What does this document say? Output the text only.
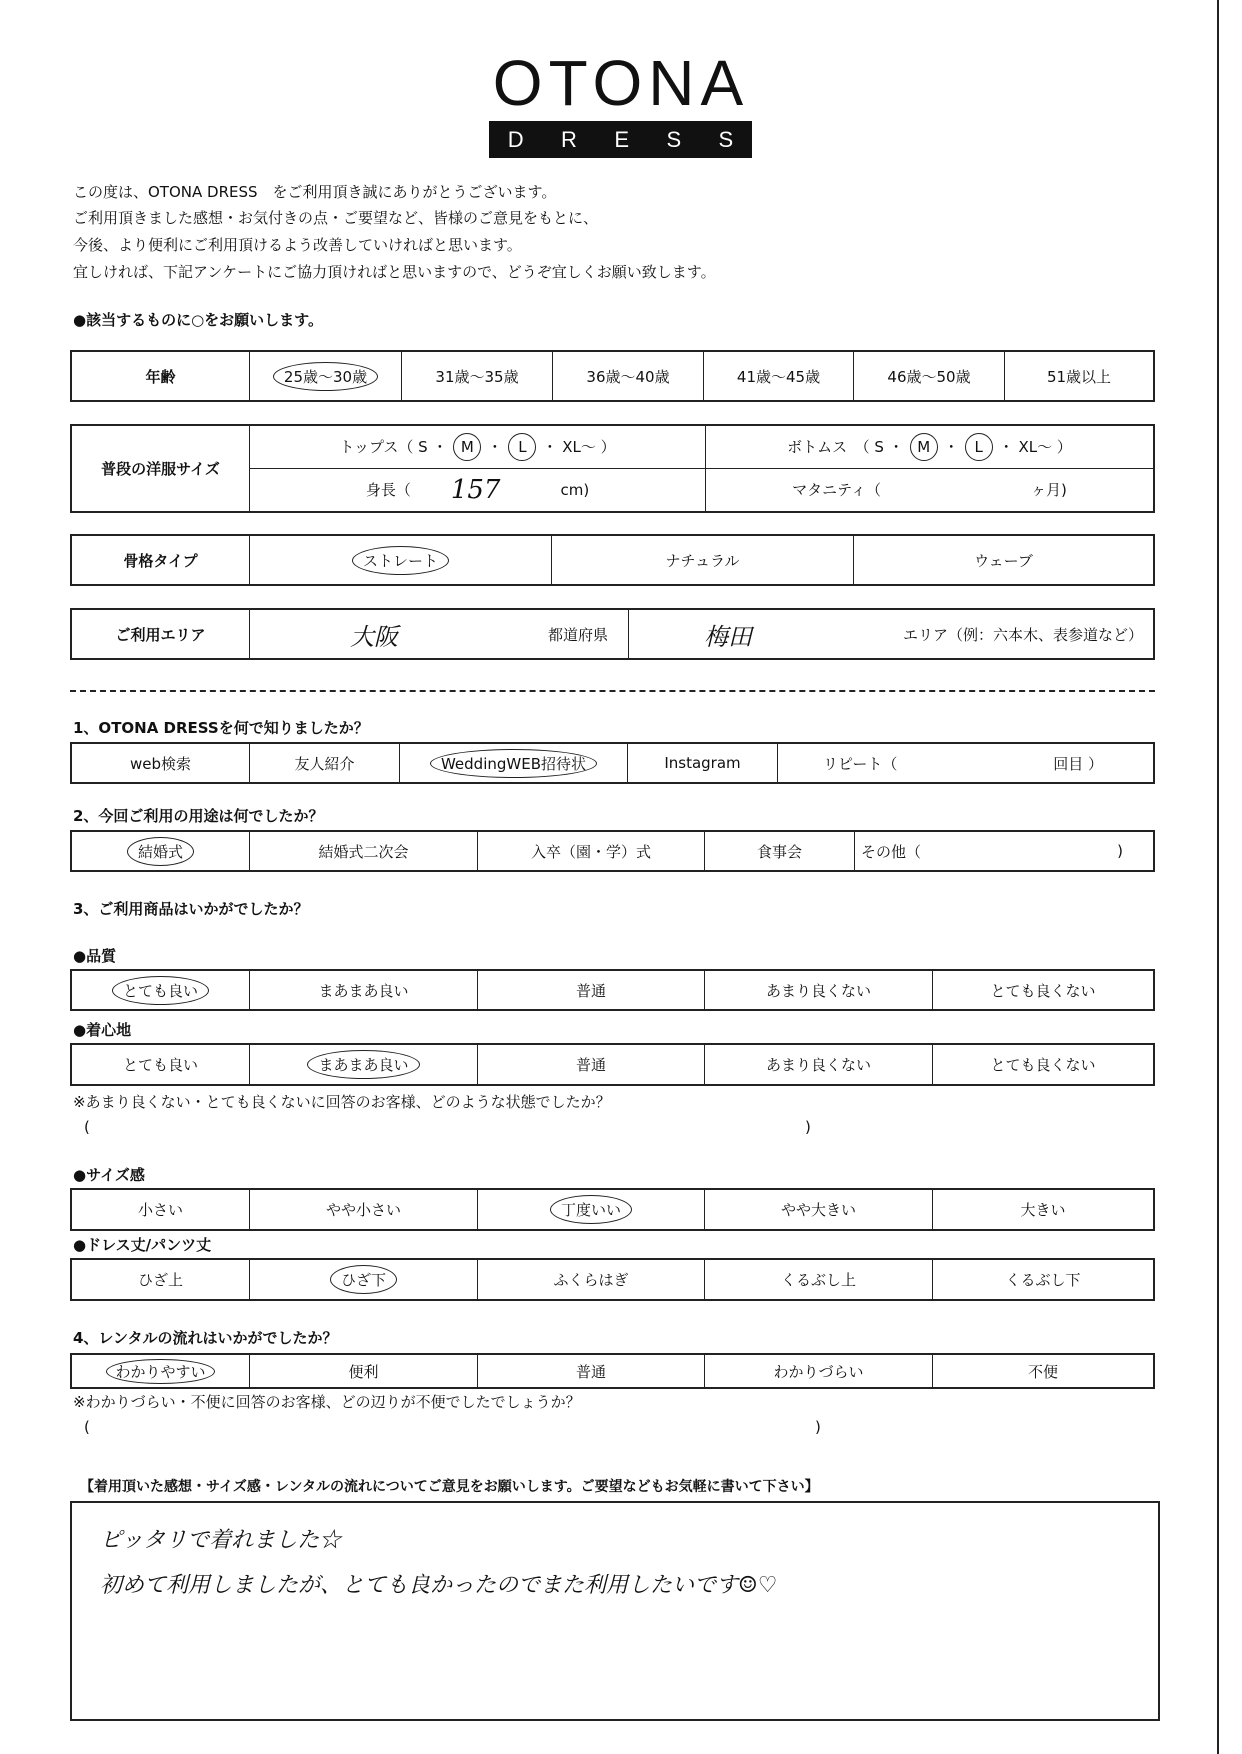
OTONA
D R E S S
この度は、OTONA DRESS　をご利用頂き誠にありがとうございます。
ご利用頂きました感想・お気付きの点・ご要望など、皆様のご意見をもとに、
今後、より便利にご利用頂けるよう改善していければと思います。
宜しければ、下記アンケートにご協力頂ければと思いますので、どうぞ宜しくお願い致します。
●該当するものに○をお願いします。
年齢	25歳〜30歳	31歳〜35歳	36歳〜40歳	41歳〜45歳	46歳〜50歳	51歳以上
普段の洋服サイズ
トップス（ S ・ M ・	L	・ XL〜 ）	ボトムス　（ S ・ M ・	L	・ XL〜 ）
身長（ 157	cm)	マタニティ（	ヶ月)
骨格タイプ	ストレート	ナチュラル	ウェーブ
ご利用エリア	大阪	都道府県	梅田	エリア（例：六本木、表参道など）
1、OTONA DRESSを何で知りましたか？
web検索	友人紹介	WeddingWEB招待状	Instagram	リピート（	回目 ）
2、今回ご利用の用途は何でしたか？
結婚式	結婚式二次会	入卒（園・学）式	食事会	その他（	)
3、ご利用商品はいかがでしたか？
●品質
とても良い	まあまあ良い	普通	あまり良くない	とても良くない
●着心地
とても良い	まあまあ良い	普通	あまり良くない	とても良くない
※あまり良くない・とても良くないに回答のお客様、どのような状態でしたか？
(	)
●サイズ感
小さい	やや小さい	丁度いい	やや大きい	大きい
●ドレス丈/パンツ丈
ひざ上	ひざ下	ふくらはぎ	くるぶし上	くるぶし下
4、レンタルの流れはいかがでしたか？
わかりやすい	便利	普通	わかりづらい	不便
※わかりづらい・不便に回答のお客様、どの辺りが不便でしたでしょうか？
(	)
【着用頂いた感想・サイズ感・レンタルの流れについてご意見をお願いします。ご要望などもお気軽に書いて下さい】
ピッタリで着れました☆
初めて利用しましたが、とても良かったのでまた利用したいです☺♡
